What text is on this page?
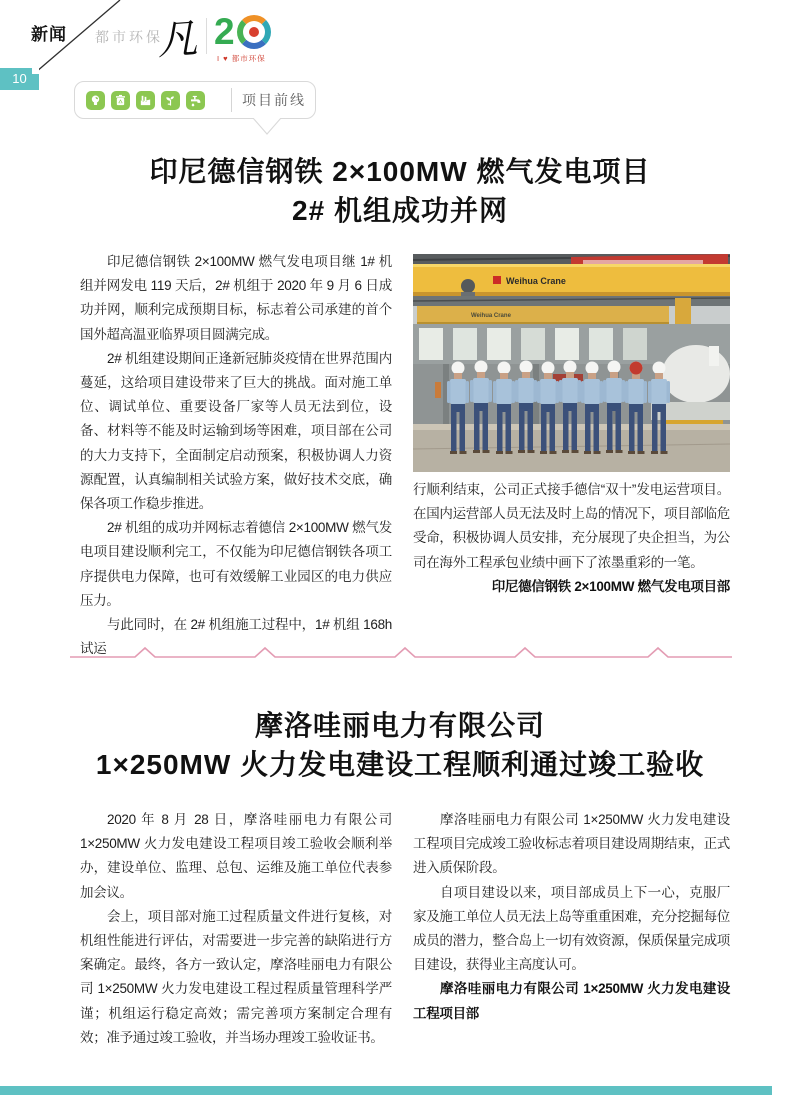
新闻
10
都市环保
凡 2
I ♥ 都市环保
项目前线
印尼德信钢铁 2×100MW 燃气发电项目
2# 机组成功并网

印尼德信钢铁 2×100MW 燃气发电项目继 1# 机组并网发电 119 天后，2# 机组于 2020 年 9 月 6 日成功并网，顺利完成预期目标，标志着公司承建的首个国外超高温亚临界项目圆满完成。

2# 机组建设期间正逢新冠肺炎疫情在世界范围内蔓延，这给项目建设带来了巨大的挑战。面对施工单位、调试单位、重要设备厂家等人员无法到位，设备、材料等不能及时运输到场等困难，项目部在公司的大力支持下，全面制定启动预案，积极协调人力资源配置，认真编制相关试验方案，做好技术交底，确保各项工作稳步推进。

2# 机组的成功并网标志着德信 2×100MW 燃气发电项目建设顺利完工，不仅能为印尼德信钢铁各项工序提供电力保障，也可有效缓解工业园区的电力供应压力。

与此同时，在 2# 机组施工过程中，1# 机组 168h 试运

Weihua Crane
Weihua Crane

行顺利结束，公司正式接手德信“双十”发电运营项目。在国内运营部人员无法及时上岛的情况下，项目部临危受命，积极协调人员安排，充分展现了央企担当，为公司在海外工程承包业绩中画下了浓墨重彩的一笔。

印尼德信钢铁 2×100MW 燃气发电项目部

摩洛哇丽电力有限公司
1×250MW 火力发电建设工程顺利通过竣工验收

2020 年 8 月 28 日，摩洛哇丽电力有限公司 1×250MW 火力发电建设工程项目竣工验收会顺利举办，建设单位、监理、总包、运维及施工单位代表参加会议。

会上，项目部对施工过程质量文件进行复核，对机组性能进行评估，对需要进一步完善的缺陷进行方案确定。最终，各方一致认定，摩洛哇丽电力有限公司 1×250MW 火力发电建设工程过程质量管理科学严谨；机组运行稳定高效；需完善项方案制定合理有效；准予通过竣工验收，并当场办理竣工验收证书。

摩洛哇丽电力有限公司 1×250MW 火力发电建设工程项目完成竣工验收标志着项目建设周期结束，正式进入质保阶段。

自项目建设以来，项目部成员上下一心，克服厂家及施工单位人员无法上岛等重重困难，充分挖掘每位成员的潜力，整合岛上一切有效资源，保质保量完成项目建设，获得业主高度认可。

摩洛哇丽电力有限公司 1×250MW 火力发电建设工程项目部
